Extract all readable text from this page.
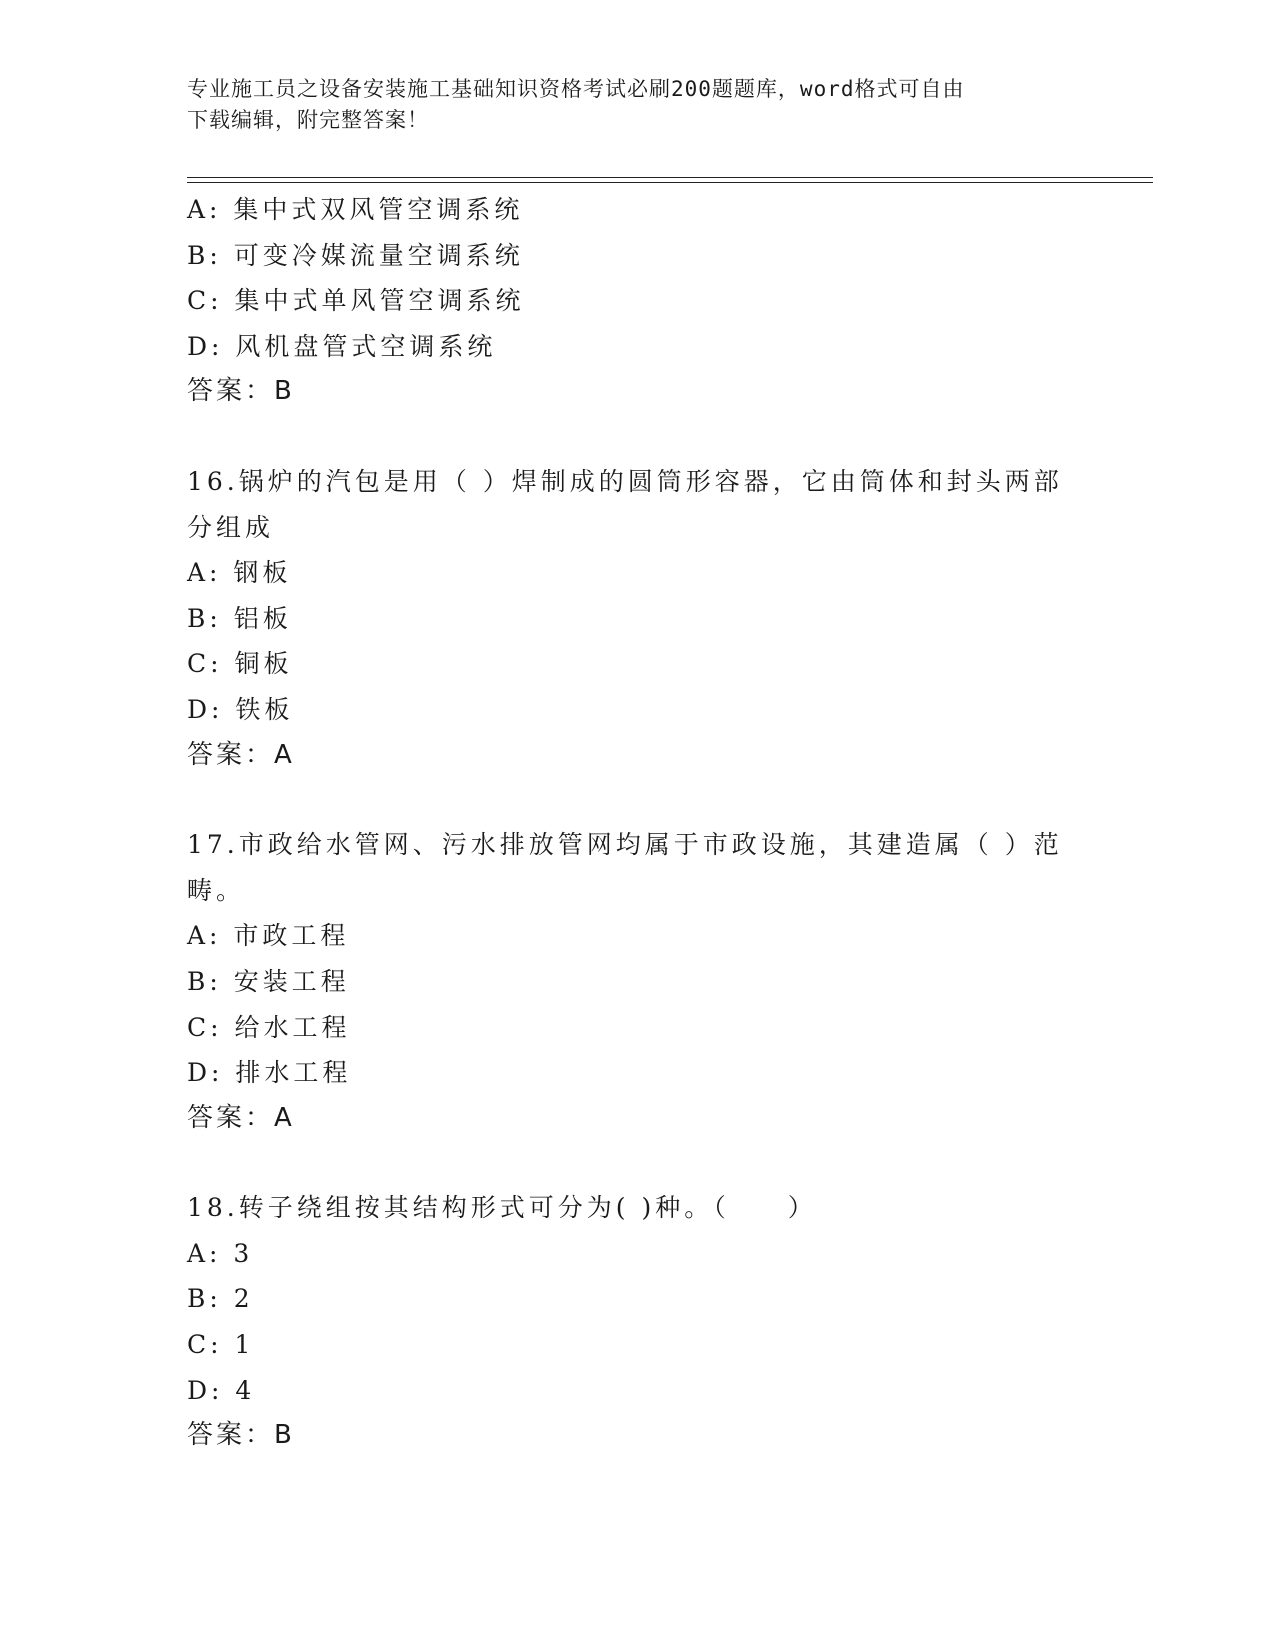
专业施工员之设备安装施工基础知识资格考试必刷200题题库，word格式可自由
下载编辑，附完整答案！
A: 集中式双风管空调系统
B: 可变冷媒流量空调系统
C: 集中式单风管空调系统
D: 风机盘管式空调系统
答案：B
16.锅炉的汽包是用（ ）焊制成的圆筒形容器，它由筒体和封头两部
分组成
A: 钢板
B: 铝板
C: 铜板
D: 铁板
答案：A
17.市政给水管网、污水排放管网均属于市政设施，其建造属（ ）范
畴。
A: 市政工程
B: 安装工程
C: 给水工程
D: 排水工程
答案：A
18.转子绕组按其结构形式可分为( )种。（　　）
A: 3
B: 2
C: 1
D: 4
答案：B
